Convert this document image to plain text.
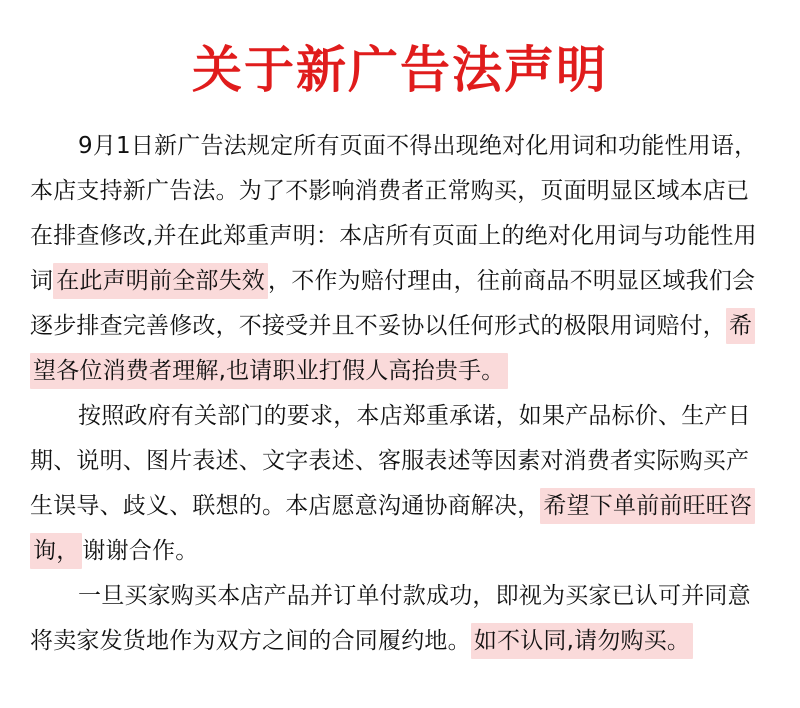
关于新广告法声明

9月1日新广告法规定所有页面不得出现绝对化用词和功能性用语，本店支持新广告法。为了不影响消费者正常购买，页面明显区域本店已在排查修改,并在此郑重声明：本店所有页面上的绝对化用词与功能性用词 在此声明前全部失效 ，不作为赔付理由，往前商品不明显区域我们会逐步排查完善修改，不接受并且不妥协以任何形式的极限用词赔付， 希望各位消费者理解,也请职业打假人高抬贵手。

按照政府有关部门的要求，本店郑重承诺，如果产品标价、生产日期、说明、图片表述、文字表述、客服表述等因素对消费者实际购买产生误导、歧义、联想的。本店愿意沟通协商解决， 希望下单前前旺旺咨询， 谢谢合作。

一旦买家购买本店产品并订单付款成功，即视为买家已认可并同意将卖家发货地作为双方之间的合同履约地。 如不认同,请勿购买。
